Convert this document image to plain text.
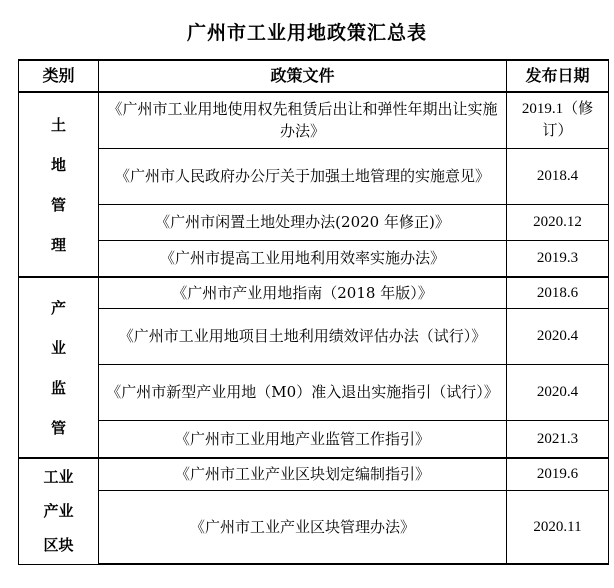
广州市工业用地政策汇总表
类别	政策文件	发布日期

土
地
管
理	《广州市工业用地使用权先租赁后出让和弹性年期出让实施办法》	2019.1（修订）
	《广州市人民政府办公厅关于加强土地管理的实施意见》	2018.4
	《广州市闲置土地处理办法(2020 年修正)》	2020.12
	《广州市提高工业用地利用效率实施办法》	2019.3

产
业
监
管	《广州市产业用地指南（2018 年版）》	2018.6
	《广州市工业用地项目土地利用绩效评估办法（试行）》	2020.4
	《广州市新型产业用地（M0）准入退出实施指引（试行）》	2020.4
	《广州市工业用地产业监管工作指引》	2021.3

工业
产业
区块	《广州市工业产业区块划定编制指引》	2019.6
	《广州市工业产业区块管理办法》	2020.11
